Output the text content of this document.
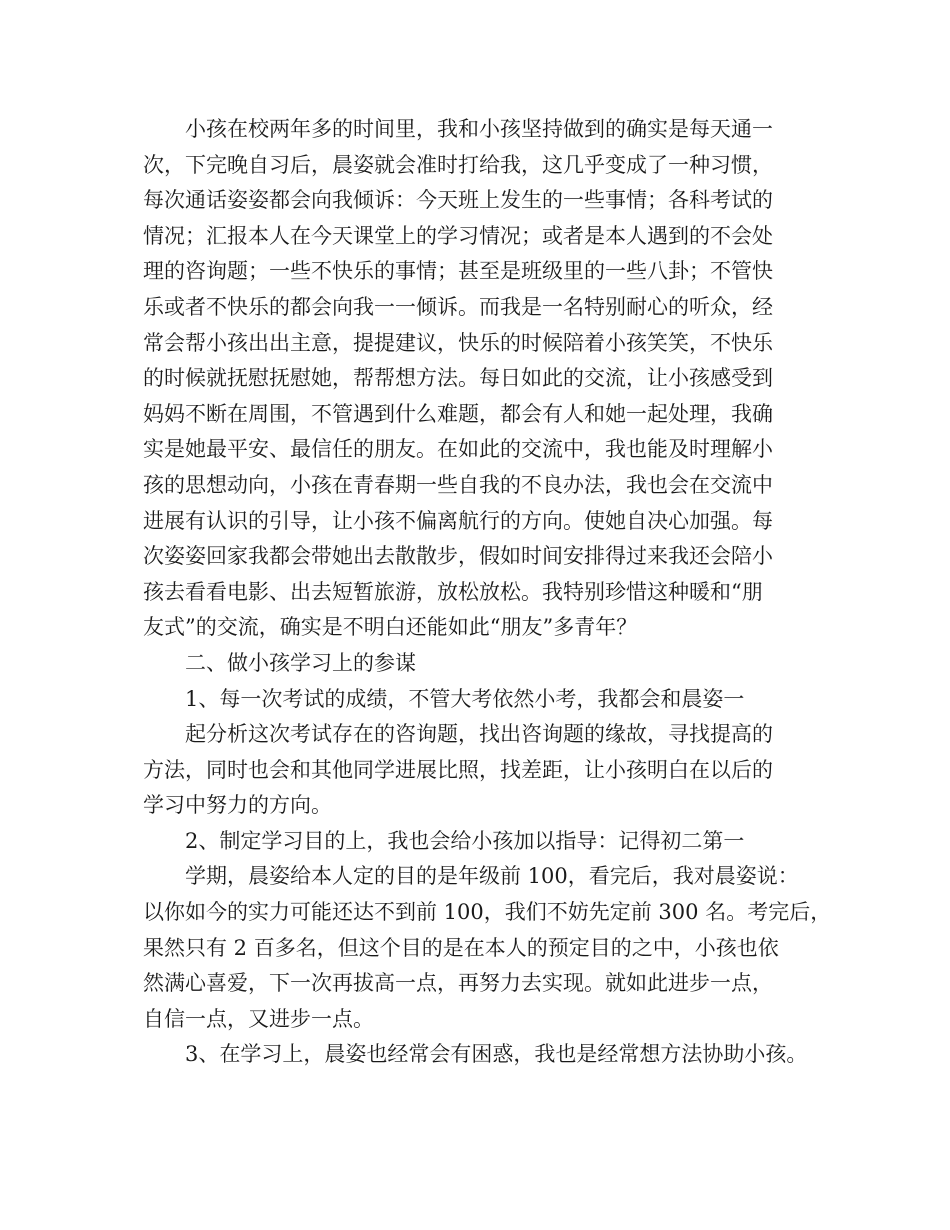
小孩在校两年多的时间里，我和小孩坚持做到的确实是每天通一
次，下完晚自习后，晨姿就会准时打给我，这几乎变成了一种习惯，
每次通话姿姿都会向我倾诉：今天班上发生的一些事情；各科考试的
情况；汇报本人在今天课堂上的学习情况；或者是本人遇到的不会处
理的咨询题；一些不快乐的事情；甚至是班级里的一些八卦；不管快
乐或者不快乐的都会向我一一倾诉。而我是一名特别耐心的听众，经
常会帮小孩出出主意，提提建议，快乐的时候陪着小孩笑笑，不快乐
的时候就抚慰抚慰她，帮帮想方法。每日如此的交流，让小孩感受到
妈妈不断在周围，不管遇到什么难题，都会有人和她一起处理，我确
实是她最平安、最信任的朋友。在如此的交流中，我也能及时理解小
孩的思想动向，小孩在青春期一些自我的不良办法，我也会在交流中
进展有认识的引导，让小孩不偏离航行的方向。使她自决心加强。每
次姿姿回家我都会带她出去散散步，假如时间安排得过来我还会陪小
孩去看看电影、出去短暂旅游，放松放松。我特别珍惜这种暖和“朋
友式”的交流，确实是不明白还能如此“朋友”多青年？
二、做小孩学习上的参谋
1、每一次考试的成绩，不管大考依然小考，我都会和晨姿一
起分析这次考试存在的咨询题，找出咨询题的缘故，寻找提高的
方法，同时也会和其他同学进展比照，找差距，让小孩明白在以后的
学习中努力的方向。
2、制定学习目的上，我也会给小孩加以指导：记得初二第一
学期，晨姿给本人定的目的是年级前 100，看完后，我对晨姿说：
以你如今的实力可能还达不到前 100，我们不妨先定前 300 名。考完后，
果然只有 2 百多名，但这个目的是在本人的预定目的之中，小孩也依
然满心喜爱，下一次再拔高一点，再努力去实现。就如此进步一点，
自信一点，又进步一点。
3、在学习上，晨姿也经常会有困惑，我也是经常想方法协助小孩。
